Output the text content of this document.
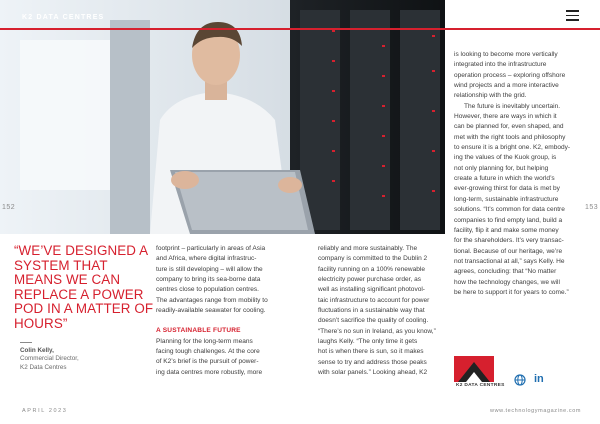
K2 DATA CENTRES
152	153
“WE’VE DESIGNED A SYSTEM THAT MEANS WE CAN REPLACE A POWER POD IN A MATTER OF HOURS”
Colin Kelly,
Commercial Director,
K2 Data Centres

footprint – particularly in areas of Asia

and Africa, where digital infrastruc-

ture is still developing – will allow the

company to bring its sea-borne data

centres close to population centres.

The advantages range from mobility to

readily-available seawater for cooling.

A SUSTAINABLE FUTURE

Planning for the long-term means

facing tough challenges. At the core

of K2’s brief is the pursuit of power-

ing data centres more robustly, more

reliably and more sustainably. The

company is committed to the Dublin 2

facility running on a 100% renewable

electricity power purchase order, as

well as installing significant photovol-

taic infrastructure to account for power

fluctuations in a sustainable way that

doesn’t sacrifice the quality of cooling.

“There’s no sun in Ireland, as you know,”

laughs Kelly. “The only time it gets

hot is when there is sun, so it makes

sense to try and address those peaks

with solar panels.” Looking ahead, K2

is looking to become more vertically

integrated into the infrastructure

operation process – exploring offshore

wind projects and a more interactive

relationship with the grid.

The future is inevitably uncertain.

However, there are ways in which it

can be planned for, even shaped, and

met with the right tools and philosophy

to ensure it is a bright one. K2, embody-

ing the values of the Kuok group, is

not only planning for, but helping

create a future in which the world’s

ever-growing thirst for data is met by

long-term, sustainable infrastructure

solutions. “It’s common for data centre

companies to find empty land, build a

facility, flip it and make some money

for the shareholders. It’s very transac-

tional. Because of our heritage, we’re

not transactional at all,” says Kelly. He

agrees, concluding: that “No matter

how the technology changes, we will

be here to support it for years to come.”

K2 DATA CENTRES
in
APRIL 2023	www.technologymagazine.com
